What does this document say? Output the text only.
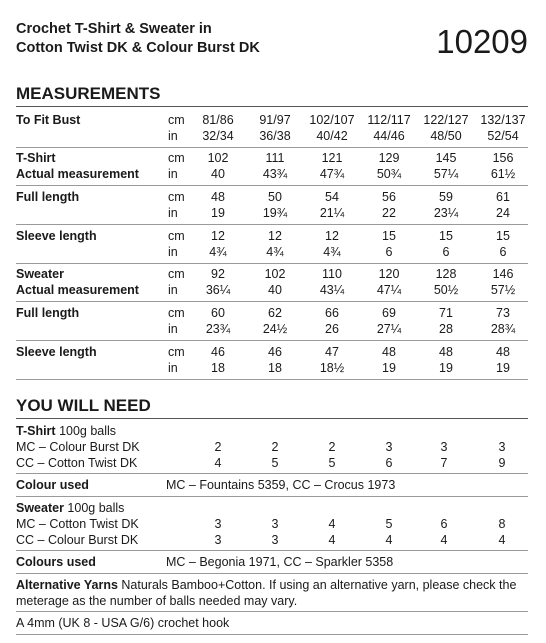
Crochet T-Shirt & Sweater in
Cotton Twist DK & Colour Burst DK	10209
MEASUREMENTS
To Fit Bust	cm	81/86	91/97	102/107 112/117 122/127 132/137
in	32/34	36/38	40/42	44/46	48/50	52/54
T-Shirt	cm	102	111	121	129	145	156
Actual measurement in	40	43¾	47¾	50¾	57¼	61½
Full length	cm	48	50	54	56	59	61
in	19	19¾	21¼	22	23¼	24
Sleeve length	cm	12	12	12	15	15	15
in	4¾	4¾	4¾	6	6	6
Sweater	cm	92	102	110	120	128	146
Actual measurement in	36¼	40	43¼	47¼	50½	57½
Full length	cm	60	62	66	69	71	73
in	23¾	24½	26	27¼	28	28¾
Sleeve length	cm	46	46	47	48	48	48
in	18	18	18½	19	19	19
YOU WILL NEED
T-Shirt 100g balls
MC – Colour Burst DK	2	2	2	3	3	3
CC – Cotton Twist DK	4	5	5	6	7	9
Colour used	MC – Fountains 5359, CC – Crocus 1973
Sweater 100g balls
MC – Cotton Twist DK	3	3	4	5	6	8
CC – Colour Burst DK	3	3	4	4	4	4
Colours used	MC – Begonia 1971, CC – Sparkler 5358
Alternative Yarns Naturals Bamboo+Cotton. If using an alternative yarn, please check the meterage as the number of balls needed may vary.
A 4mm (UK 8 - USA G/6) crochet hook
